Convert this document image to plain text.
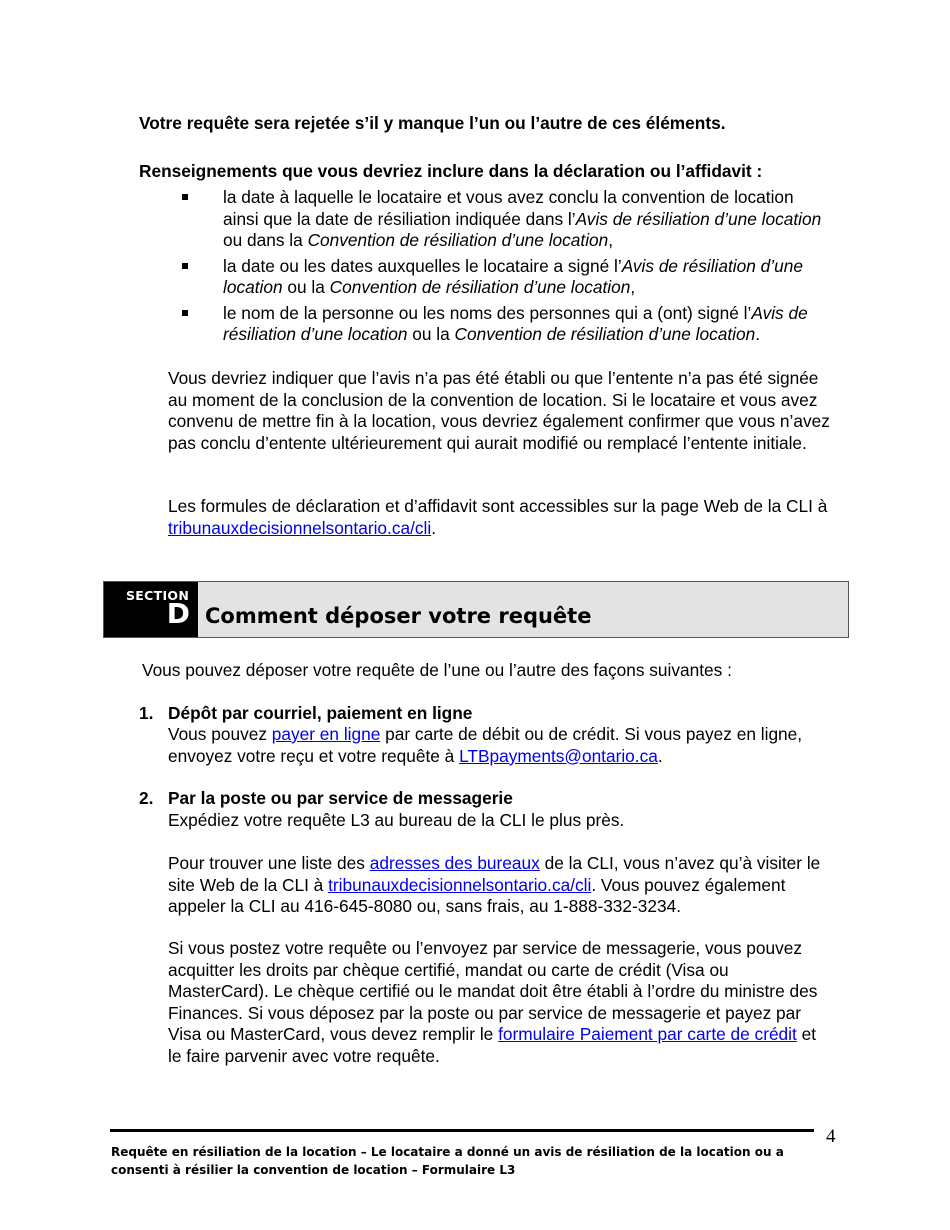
Votre requête sera rejetée s’il y manque l’un ou l’autre de ces éléments.

Renseignements que vous devriez inclure dans la déclaration ou l’affidavit :

la date à laquelle le locataire et vous avez conclu la convention de location ainsi que la date de résiliation indiquée dans l’Avis de résiliation d’une location ou dans la Convention de résiliation d’une location,
la date ou les dates auxquelles le locataire a signé l’Avis de résiliation d’une location ou la Convention de résiliation d’une location,
le nom de la personne ou les noms des personnes qui a (ont) signé l’Avis de résiliation d’une location ou la Convention de résiliation d’une location.

Vous devriez indiquer que l’avis n’a pas été établi ou que l’entente n’a pas été signée au moment de la conclusion de la convention de location. Si le locataire et vous avez convenu de mettre fin à la location, vous devriez également confirmer que vous n’avez pas conclu d’entente ultérieurement qui aurait modifié ou remplacé l’entente initiale.

Les formules de déclaration et d’affidavit sont accessibles sur la page Web de la CLI à tribunauxdecisionnelsontario.ca/cli.

SECTION
D Comment déposer votre requête

Vous pouvez déposer votre requête de l’une ou l’autre des façons suivantes :

1. Dépôt par courriel, paiement en ligne

Vous pouvez payer en ligne par carte de débit ou de crédit. Si vous payez en ligne, envoyez votre reçu et votre requête à LTBpayments@ontario.ca.

2. Par la poste ou par service de messagerie

Expédiez votre requête L3 au bureau de la CLI le plus près.

Pour trouver une liste des adresses des bureaux de la CLI, vous n’avez qu’à visiter le site Web de la CLI à tribunauxdecisionnelsontario.ca/cli. Vous pouvez également appeler la CLI au 416-645-8080 ou, sans frais, au 1-888-332-3234.

Si vous postez votre requête ou l’envoyez par service de messagerie, vous pouvez acquitter les droits par chèque certifié, mandat ou carte de crédit (Visa ou MasterCard). Le chèque certifié ou le mandat doit être établi à l’ordre du ministre des Finances. Si vous déposez par la poste ou par service de messagerie et payez par Visa ou MasterCard, vous devez remplir le formulaire Paiement par carte de crédit et le faire parvenir avec votre requête.

4

Requête en résiliation de la location – Le locataire a donné un avis de résiliation de la location ou a consenti à résilier la convention de location – Formulaire L3
